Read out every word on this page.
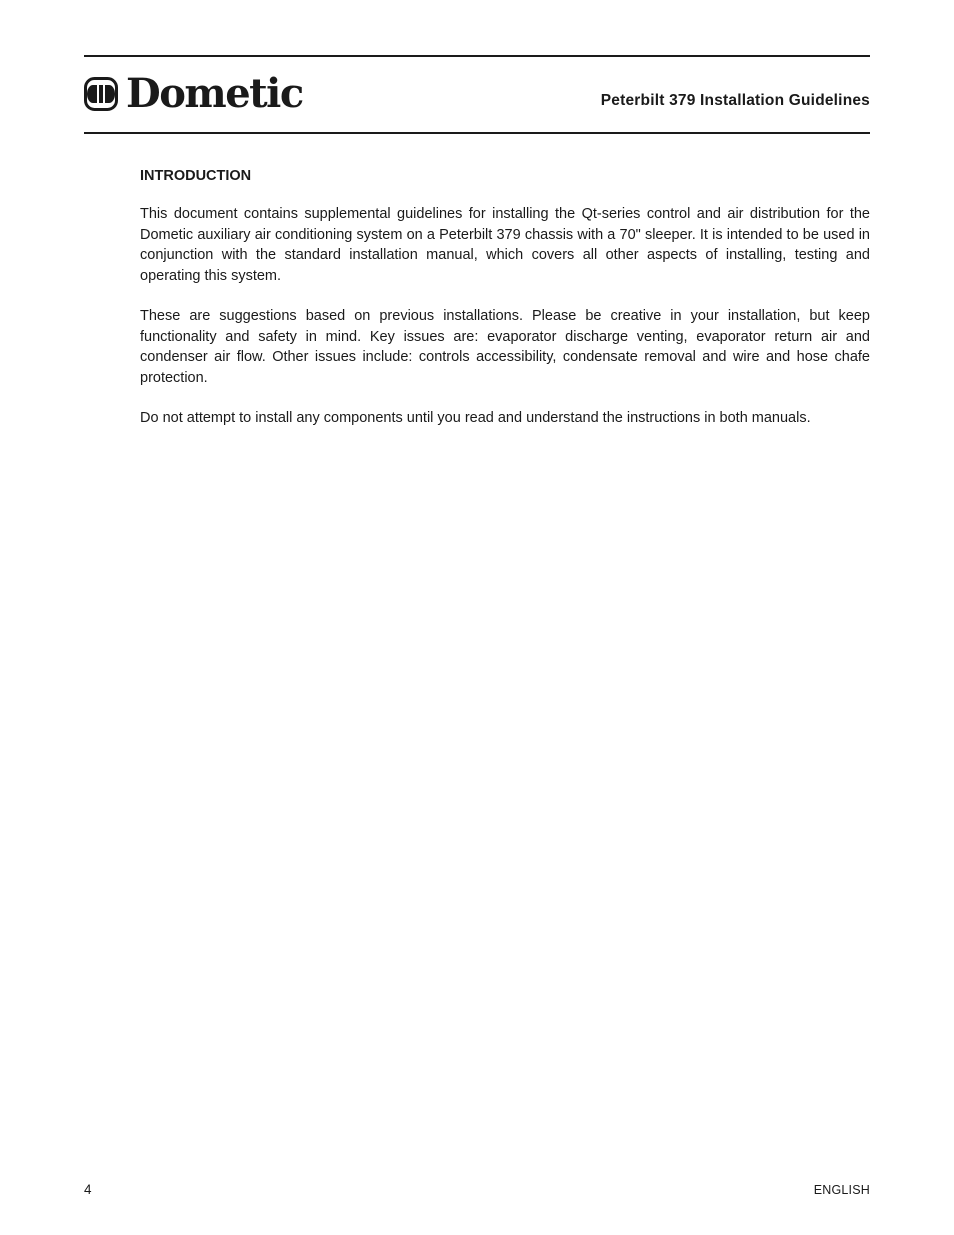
Dometic	Peterbilt 379 Installation Guidelines

INTRODUCTION

This document contains supplemental guidelines for installing the Qt-series control and air distribution for the Dometic auxiliary air conditioning system on a Peterbilt 379 chassis with a 70" sleeper. It is intended to be used in conjunction with the standard installation manual, which covers all other aspects of installing, testing and operating this system.

These are suggestions based on previous installations. Please be creative in your installation, but keep functionality and safety in mind. Key issues are: evaporator discharge venting, evaporator return air and condenser air flow. Other issues include: controls accessibility, condensate removal and wire and hose chafe protection.

Do not attempt to install any components until you read and understand the instructions in both manuals.

4	ENGLISH
